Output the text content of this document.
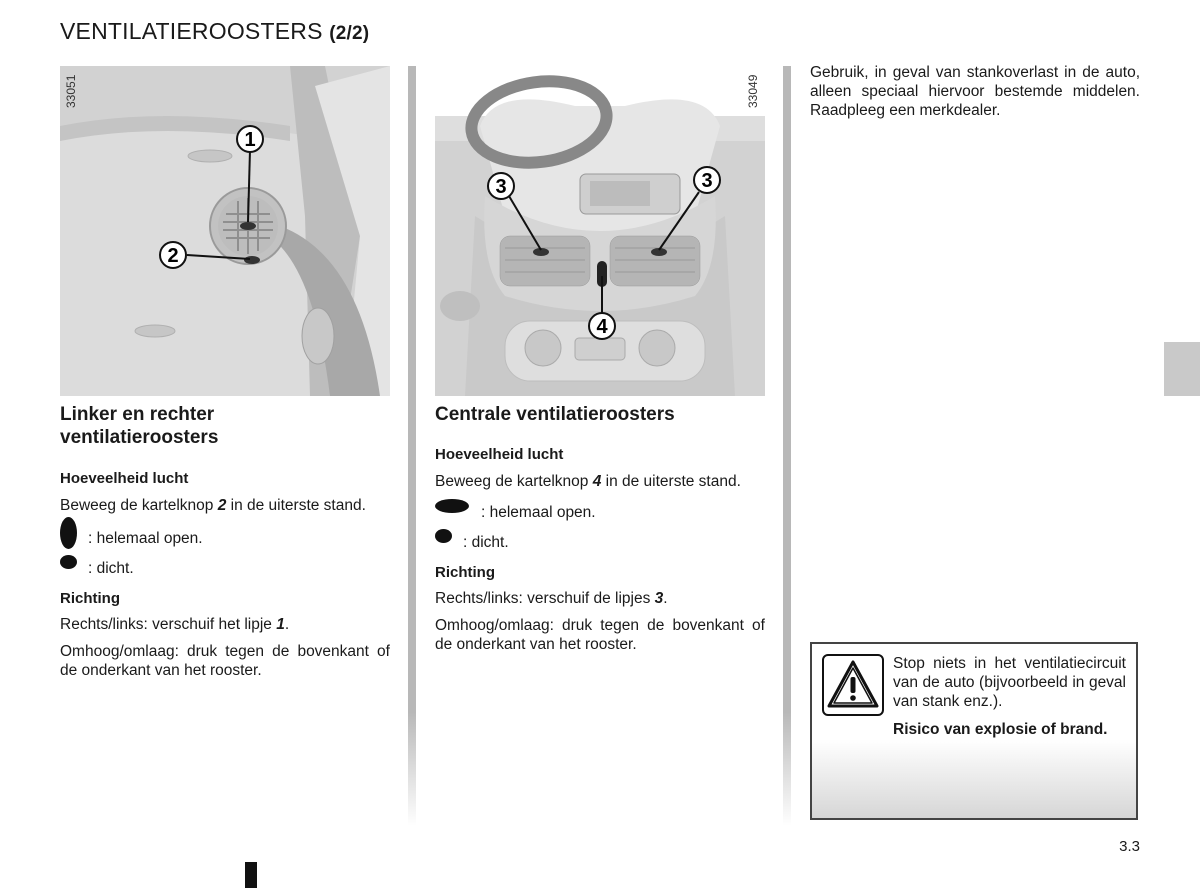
VENTILATIEROOSTERS (2/2)
1
2
33051
3	3
4
33049
Linker en rechter ventilatieroosters
Hoeveelheid lucht
Beweeg de kartelknop 2 in de uiterste stand.
: helemaal open.
: dicht.
Richting
Rechts/links: verschuif het lipje 1.
Omhoog/omlaag: druk tegen de bovenkant of de onderkant van het rooster.
Centrale ventilatieroosters
Hoeveelheid lucht
Beweeg de kartelknop 4 in de uiterste stand.
: helemaal open.
: dicht.
Richting
Rechts/links: verschuif de lipjes 3.
Omhoog/omlaag: druk tegen de bovenkant of de onderkant van het rooster.
Gebruik, in geval van stankoverlast in de auto, alleen speciaal hiervoor bestemde middelen. Raadpleeg een merkdealer.
Stop niets in het ventilatiecircuit van de auto (bijvoorbeeld in geval van stank enz.).
Risico van explosie of brand.
3.3
